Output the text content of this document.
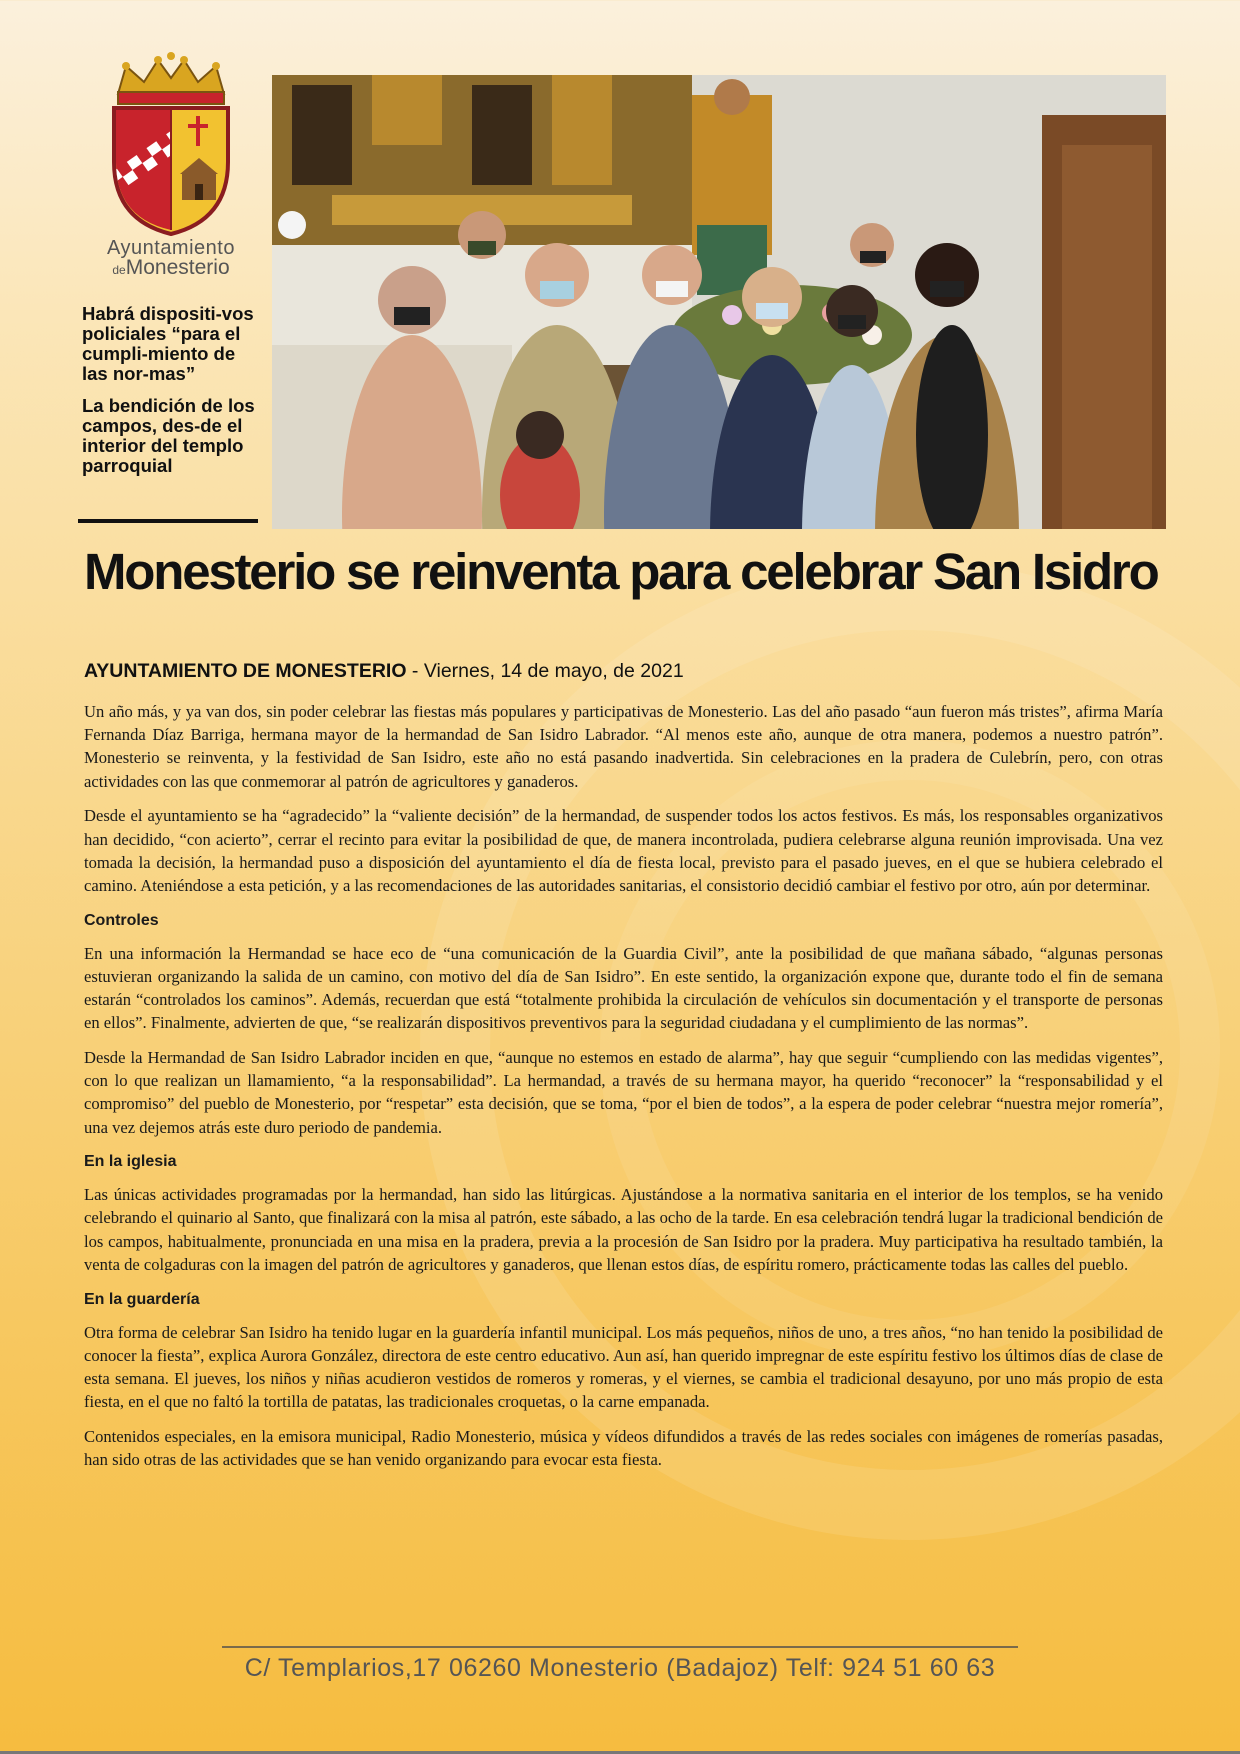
Ayuntamiento
deMonesterio

Habrá dispositi-vos policiales “para el cumpli-miento de las nor-mas”

La bendición de los campos, des-de el interior del templo parroquial

Monesterio se reinventa para celebrar San Isidro
AYUNTAMIENTO DE MONESTERIO - Viernes, 14 de mayo, de 2021

Un año más, y ya van dos, sin poder celebrar las fiestas más populares y participativas de Monesterio. Las del año pasado “aun fueron más tristes”, afirma María Fernanda Díaz Barriga, hermana mayor de la hermandad de San Isidro Labrador. “Al menos este año, aunque de otra manera, podemos a nuestro patrón”. Monesterio se reinventa, y la festividad de San Isidro, este año no está pasando inadvertida. Sin celebraciones en la pradera de Culebrín, pero, con otras actividades con las que conmemorar al patrón de agricultores y ganaderos.

Desde el ayuntamiento se ha “agradecido” la “valiente decisión” de la hermandad, de suspender todos los actos festivos. Es más, los responsables organizativos han decidido, “con acierto”, cerrar el recinto para evitar la posibilidad de que, de manera incontrolada, pudiera celebrarse alguna reunión improvisada. Una vez tomada la decisión, la hermandad puso a disposición del ayuntamiento el día de fiesta local, previsto para el pasado jueves, en el que se hubiera celebrado el camino. Ateniéndose a esta petición, y a las recomendaciones de las autoridades sanitarias, el consistorio decidió cambiar el festivo por otro, aún por determinar.

Controles

En una información la Hermandad se hace eco de “una comunicación de la Guardia Civil”, ante la posibilidad de que mañana sábado, “algunas personas estuvieran organizando la salida de un camino, con motivo del día de San Isidro”. En este sentido, la organización expone que, durante todo el fin de semana estarán “controlados los caminos”. Además, recuerdan que está “totalmente prohibida la circulación de vehículos sin documentación y el transporte de personas en ellos”. Finalmente, advierten de que, “se realizarán dispositivos preventivos para la seguridad ciudadana y el cumplimiento de las normas”.

Desde la Hermandad de San Isidro Labrador inciden en que, “aunque no estemos en estado de alarma”, hay que seguir “cumpliendo con las medidas vigentes”, con lo que realizan un llamamiento, “a la responsabilidad”. La hermandad, a través de su hermana mayor, ha querido “reconocer” la “responsabilidad y el compromiso” del pueblo de Monesterio, por “respetar” esta decisión, que se toma, “por el bien de todos”, a la espera de poder celebrar “nuestra mejor romería”, una vez dejemos atrás este duro periodo de pandemia.

En la iglesia

Las únicas actividades programadas por la hermandad, han sido las litúrgicas. Ajustándose a la normativa sanitaria en el interior de los templos, se ha venido celebrando el quinario al Santo, que finalizará con la misa al patrón, este sábado, a las ocho de la tarde. En esa celebración tendrá lugar la tradicional bendición de los campos, habitualmente, pronunciada en una misa en la pradera, previa a la procesión de San Isidro por la pradera. Muy participativa ha resultado también, la venta de colgaduras con la imagen del patrón de agricultores y ganaderos, que llenan estos días, de espíritu romero, prácticamente todas las calles del pueblo.

En la guardería

Otra forma de celebrar San Isidro ha tenido lugar en la guardería infantil municipal. Los más pequeños, niños de uno, a tres años, “no han tenido la posibilidad de conocer la fiesta”, explica Aurora González, directora de este centro educativo. Aun así, han querido impregnar de este espíritu festivo los últimos días de clase de esta semana. El jueves, los niños y niñas acudieron vestidos de romeros y romeras, y el viernes, se cambia el tradicional desayuno, por uno más propio de esta fiesta, en el que no faltó la tortilla de patatas, las tradicionales croquetas, o la carne empanada.

Contenidos especiales, en la emisora municipal, Radio Monesterio, música y vídeos difundidos a través de las redes sociales con imágenes de romerías pasadas, han sido otras de las actividades que se han venido organizando para evocar esta fiesta.

C/ Templarios,17 06260 Monesterio (Badajoz) Telf: 924 51 60 63
